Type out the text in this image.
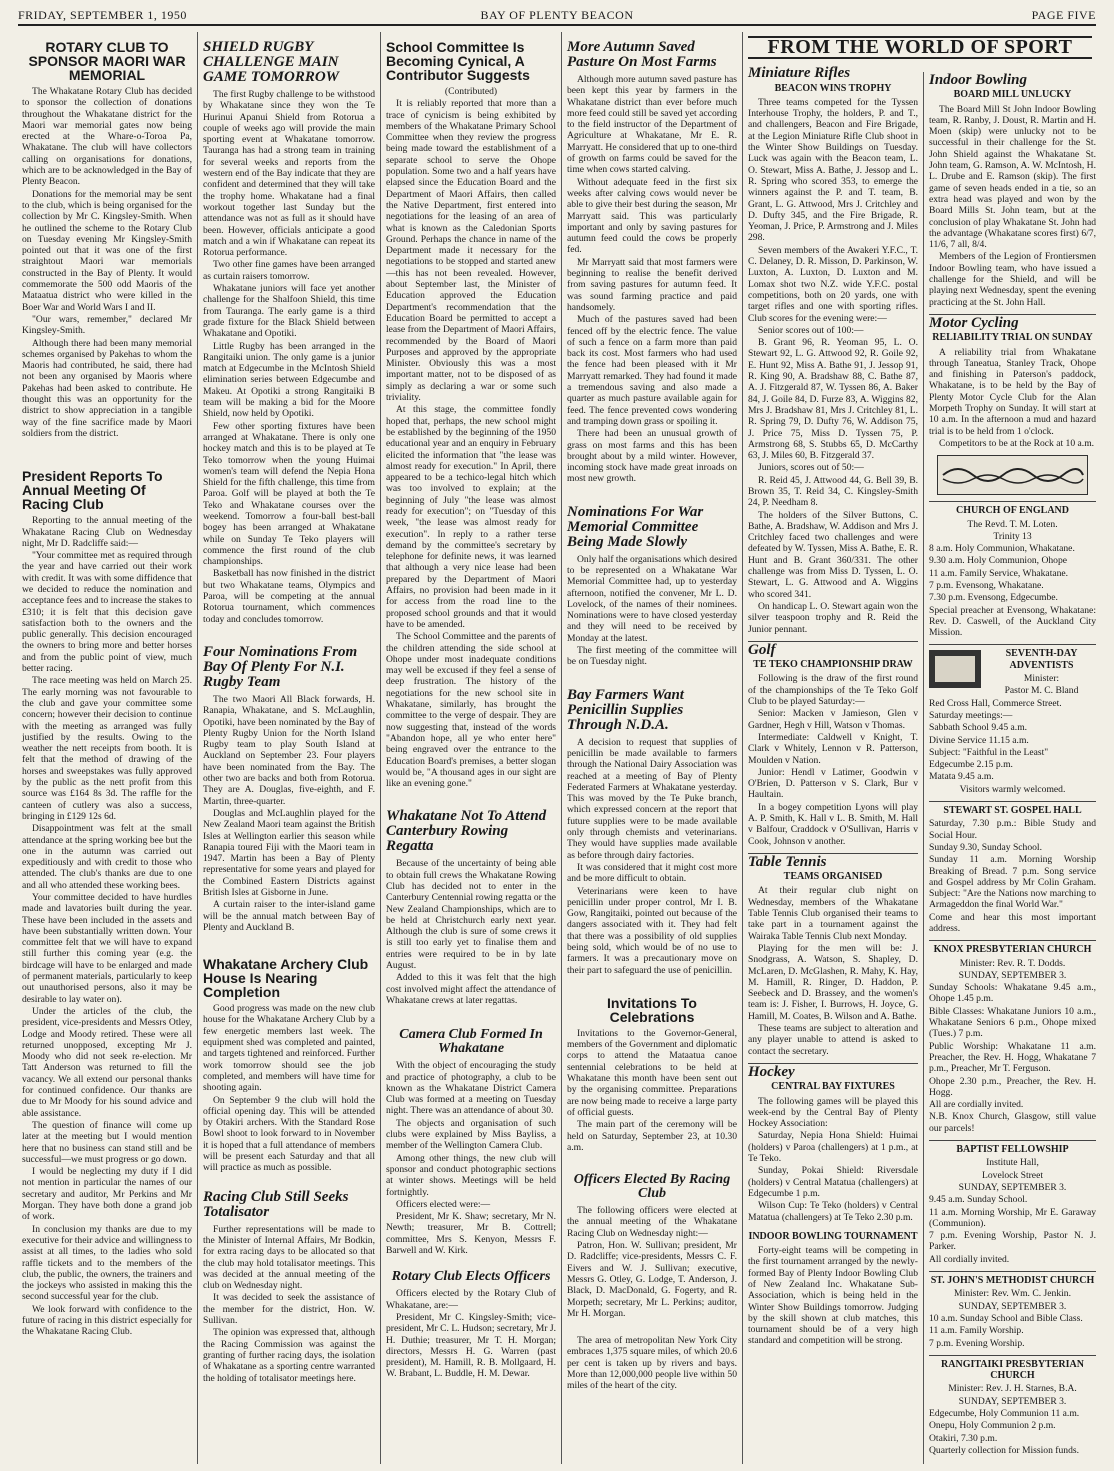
FRIDAY, SEPTEMBER 1, 1950	BAY OF PLENTY BEACON	PAGE FIVE
ROTARY CLUB TO SPONSOR MAORI WAR MEMORIAL

The Whakatane Rotary Club has decided to sponsor the collection of donations throughout the Whakatane district for the Maori war memorial gates now being erected at the Whare-o-Toroa Pa, Whakatane. The club will have collectors calling on organisations for donations, which are to be acknowledged in the Bay of Plenty Beacon.

Donations for the memorial may be sent to the club, which is being organised for the collection by Mr C. Kingsley-Smith. When he outlined the scheme to the Rotary Club on Tuesday evening Mr Kingsley-Smith pointed out that it was one of the first straightout Maori war memorials constructed in the Bay of Plenty. It would commemorate the 500 odd Maoris of the Mataatua district who were killed in the Boer War and World Wars I and II.

"Our wars, remember," declared Mr Kingsley-Smith.

Although there had been many memorial schemes organised by Pakehas to whom the Maoris had contributed, he said, there had not been any organised by Maoris where Pakehas had been asked to contribute. He thought this was an opportunity for the district to show appreciation in a tangible way of the fine sacrifice made by Maori soldiers from the district.

President Reports To Annual Meeting Of Racing Club

Reporting to the annual meeting of the Whakatane Racing Club on Wednesday night, Mr D. Radcliffe said:—

"Your committee met as required through the year and have carried out their work with credit. It was with some diffidence that we decided to reduce the nomination and acceptance fees and to increase the stakes to £310; it is felt that this decision gave satisfaction both to the owners and the public generally. This decision encouraged the owners to bring more and better horses and from the public point of view, much better racing.

The race meeting was held on March 25. The early morning was not favourable to the club and gave your committee some concern; however their decision to continue with the meeting as arranged was fully justified by the results. Owing to the weather the nett receipts from booth. It is felt that the method of drawing of the horses and sweepstakes was fully approved by the public as the nett profit from this source was £164 8s 3d. The raffle for the canteen of cutlery was also a success, bringing in £129 12s 6d.

Disappointment was felt at the small attendance at the spring working bee but the one in the autumn was carried out expeditiously and with credit to those who attended. The club's thanks are due to one and all who attended these working bees.

Your committee decided to have hurdles made and lavatories built during the year. These have been included in the assets and have been substantially written down. Your committee felt that we will have to expand still further this coming year (e.g. the birdcage will have to be enlarged and made of permanent materials, particularly to keep out unauthorised persons, also it may be desirable to lay water on).

Under the articles of the club, the president, vice-presidents and Messrs Otley, Lodge and Moody retired. These were all returned unopposed, excepting Mr J. Moody who did not seek re-election. Mr Tatt Anderson was returned to fill the vacancy. We all extend our personal thanks for continued confidence. Our thanks are due to Mr Moody for his sound advice and able assistance.

The question of finance will come up later at the meeting but I would mention here that no business can stand still and be successful—we must progress or go down.

I would be neglecting my duty if I did not mention in particular the names of our secretary and auditor, Mr Perkins and Mr Morgan. They have both done a grand job of work.

In conclusion my thanks are due to my executive for their advice and willingness to assist at all times, to the ladies who sold raffle tickets and to the members of the club, the public, the owners, the trainers and the jockeys who assisted in making this the second successful year for the club.

We look forward with confidence to the future of racing in this district especially for the Whakatane Racing Club.

SHIELD RUGBY CHALLENGE MAIN GAME TOMORROW

The first Rugby challenge to be withstood by Whakatane since they won the Te Hurinui Apanui Shield from Rotorua a couple of weeks ago will provide the main sporting event at Whakatane tomorrow. Tauranga has had a strong team in training for several weeks and reports from the western end of the Bay indicate that they are confident and determined that they will take the trophy home. Whakatane had a final workout together last Sunday but the attendance was not as full as it should have been. However, officials anticipate a good match and a win if Whakatane can repeat its Rotorua performance.

Two other fine games have been arranged as curtain raisers tomorrow.

Whakatane juniors will face yet another challenge for the Shalfoon Shield, this time from Tauranga. The early game is a third grade fixture for the Black Shield between Whakatane and Opotiki.

Little Rugby has been arranged in the Rangitaiki union. The only game is a junior match at Edgecumbe in the McIntosh Shield elimination series between Edgecumbe and Makeu. At Opotiki a strong Rangitaiki B team will be making a bid for the Moore Shield, now held by Opotiki.

Few other sporting fixtures have been arranged at Whakatane. There is only one hockey match and this is to be played at Te Teko tomorrow when the young Huimai women's team will defend the Nepia Hona Shield for the fifth challenge, this time from Paroa. Golf will be played at both the Te Teko and Whakatane courses over the weekend. Tomorrow a four-ball best-ball bogey has been arranged at Whakatane while on Sunday Te Teko players will commence the first round of the club championships.

Basketball has now finished in the district but two Whakatane teams, Olympics and Paroa, will be competing at the annual Rotorua tournament, which commences today and concludes tomorrow.

Four Nominations From Bay Of Plenty For N.I. Rugby Team

The two Maori All Black forwards, H. Ranapia, Whakatane, and S. McLaughlin, Opotiki, have been nominated by the Bay of Plenty Rugby Union for the North Island Rugby team to play South Island at Auckland on September 23. Four players have been nominated from the Bay. The other two are backs and both from Rotorua. They are A. Douglas, five-eighth, and F. Martin, three-quarter.

Douglas and McLaughlin played for the New Zealand Maori team against the British Isles at Wellington earlier this season while Ranapia toured Fiji with the Maori team in 1947. Martin has been a Bay of Plenty representative for some years and played for the Combined Eastern Districts against British Isles at Gisborne in June.

A curtain raiser to the inter-island game will be the annual match between Bay of Plenty and Auckland B.

Whakatane Archery Club House Is Nearing Completion

Good progress was made on the new club house for the Whakatane Archery Club by a few energetic members last week. The equipment shed was completed and painted, and targets tightened and reinforced. Further work tomorrow should see the job completed, and members will have time for shooting again.

On September 9 the club will hold the official opening day. This will be attended by Otakiri archers. With the Standard Rose Bowl shoot to look forward to in November it is hoped that a full attendance of members will be present each Saturday and that all will practice as much as possible.

Racing Club Still Seeks Totalisator

Further representations will be made to the Minister of Internal Affairs, Mr Bodkin, for extra racing days to be allocated so that the club may hold totalisator meetings. This was decided at the annual meeting of the club on Wednesday night.

It was decided to seek the assistance of the member for the district, Hon. W. Sullivan.

The opinion was expressed that, although the Racing Commission was against the granting of further racing days, the isolation of Whakatane as a sporting centre warranted the holding of totalisator meetings here.

School Committee Is Becoming Cynical, A Contributor Suggests

(Contributed)

It is reliably reported that more than a trace of cynicism is being exhibited by members of the Whakatane Primary School Committee when they review the progress being made toward the establishment of a separate school to serve the Ohope population. Some two and a half years have elapsed since the Education Board and the Department of Maori Affairs, then called the Native Department, first entered into negotiations for the leasing of an area of what is known as the Caledonian Sports Ground. Perhaps the chance in name of the Department made it necessary for the negotiations to be stopped and started anew—this has not been revealed. However, about September last, the Minister of Education approved the Education Department's recommendation that the Education Board be permitted to accept a lease from the Department of Maori Affairs, recommended by the Board of Maori Purposes and approved by the appropriate Minister. Obviously this was a most important matter, not to be disposed of as simply as declaring a war or some such triviality.

At this stage, the committee fondly hoped that, perhaps, the new school might be established by the beginning of the 1950 educational year and an enquiry in February elicited the information that "the lease was almost ready for execution." In April, there appeared to be a techico-legal hitch which was too involved to explain; at the beginning of July "the lease was almost ready for execution"; on "Tuesday of this week, "the lease was almost ready for execution". In reply to a rather terse demand by the committee's secretary by telephone for definite news, it was learned that although a very nice lease had been prepared by the Department of Maori Affairs, no provision had been made in it for access from the road line to the proposed school grounds and that it would have to be amended.

The School Committee and the parents of the children attending the side school at Ohope under most inadequate conditions may well be excused if they feel a sense of deep frustration. The history of the negotiations for the new school site in Whakatane, similarly, has brought the committee to the verge of despair. They are now suggesting that, instead of the words "Abandon hope, all ye who enter here" being engraved over the entrance to the Education Board's premises, a better slogan would be, "A thousand ages in our sight are like an evening gone."

Whakatane Not To Attend Canterbury Rowing Regatta

Because of the uncertainty of being able to obtain full crews the Whakatane Rowing Club has decided not to enter in the Canterbury Centennial rowing regatta or the New Zealand Championships, which are to be held at Christchurch early next year. Although the club is sure of some crews it is still too early yet to finalise them and entries were required to be in by late August.

Added to this it was felt that the high cost involved might affect the attendance of Whakatane crews at later regattas.

Camera Club Formed In Whakatane

With the object of encouraging the study and practice of photography, a club to be known as the Whakatane District Camera Club was formed at a meeting on Tuesday night. There was an attendance of about 30.

The objects and organisation of such clubs were explained by Miss Bayliss, a member of the Wellington Camera Club.

Among other things, the new club will sponsor and conduct photographic sections at winter shows. Meetings will be held fortnightly.

Officers elected were:—

President, Mr K. Shaw; secretary, Mr N. Newth; treasurer, Mr B. Cottrell; committee, Mrs S. Kenyon, Messrs F. Barwell and W. Kirk.

Rotary Club Elects Officers

Officers elected by the Rotary Club of Whakatane, are:—

President, Mr C. Kingsley-Smith; vice-president, Mr C. L. Hudson; secretary, Mr J. H. Duthie; treasurer, Mr T. H. Morgan; directors, Messrs H. G. Warren (past president), M. Hamill, R. B. Mollgaard, H. W. Brabant, L. Buddle, H. M. Dewar.

More Autumn Saved Pasture On Most Farms

Although more autumn saved pasture has been kept this year by farmers in the Whakatane district than ever before much more feed could still be saved yet according to the field instructor of the Department of Agriculture at Whakatane, Mr E. R. Marryatt. He considered that up to one-third of growth on farms could be saved for the time when cows started calving.

Without adequate feed in the first six weeks after calving cows would never be able to give their best during the season, Mr Marryatt said. This was particularly important and only by saving pastures for autumn feed could the cows be properly fed.

Mr Marryatt said that most farmers were beginning to realise the benefit derived from saving pastures for autumn feed. It was sound farming practice and paid handsomely.

Much of the pastures saved had been fenced off by the electric fence. The value of such a fence on a farm more than paid back its cost. Most farmers who had used the fence had been pleased with it Mr Marryatt remarked. They had found it made a tremendous saving and also made a quarter as much pasture available again for feed. The fence prevented cows wondering and tramping down grass or spoiling it.

There had been an unusual growth of grass on most farms and this has been brought about by a mild winter. However, incoming stock have made great inroads on most new growth.

Nominations For War Memorial Committee Being Made Slowly

Only half the organisations which desired to be represented on a Whakatane War Memorial Committee had, up to yesterday afternoon, notified the convener, Mr L. D. Lovelock, of the names of their nominees. Nominations were to have closed yesterday and they will need to be received by Monday at the latest.

The first meeting of the committee will be on Tuesday night.

Bay Farmers Want Penicillin Supplies Through N.D.A.

A decision to request that supplies of penicillin be made available to farmers through the National Dairy Association was reached at a meeting of Bay of Plenty Federated Farmers at Whakatane yesterday. This was moved by the Te Puke branch, which expressed concern at the report that future supplies were to be made available only through chemists and veterinarians. They would have supplies made available as before through dairy factories.

It was considered that it might cost more and be more difficult to obtain.

Veterinarians were keen to have penicillin under proper control, Mr I. B. Gow, Rangitaiki, pointed out because of the dangers associated with it. They had felt that there was a possibility of old supplies being sold, which would be of no use to farmers. It was a precautionary move on their part to safeguard the use of penicillin.

Invitations To Celebrations

Invitations to the Governor-General, members of the Government and diplomatic corps to attend the Mataatua canoe sentennial celebrations to be held at Whakatane this month have been sent out by the organising committee. Preparations are now being made to receive a large party of official guests.

The main part of the ceremony will be held on Saturday, September 23, at 10.30 a.m.

Officers Elected By Racing Club

The following officers were elected at the annual meeting of the Whakatane Racing Club on Wednesday night:—

Patron, Hon. W. Sullivan; president, Mr D. Radcliffe; vice-presidents, Messrs C. F. Eivers and W. J. Sullivan; executive, Messrs G. Otley, G. Lodge, T. Anderson, J. Black, D. MacDonald, G. Fogerty, and R. Morpeth; secretary, Mr L. Perkins; auditor, Mr H. Morgan.

The area of metropolitan New York City embraces 1,375 square miles, of which 20.6 per cent is taken up by rivers and bays. More than 12,000,000 people live within 50 miles of the heart of the city.

FROM THE WORLD OF SPORT
Miniature Rifles
BEACON WINS TROPHY

Three teams competed for the Tyssen Interhouse Trophy, the holders, P. and T., and challengers, Beacon and Fire Brigade, at the Legion Miniature Rifle Club shoot in the Winter Show Buildings on Tuesday. Luck was again with the Beacon team, L. O. Stewart, Miss A. Bathe, J. Jessop and L. R. Spring who scored 353, to emerge the winners against the P. and T. team, B. Grant, L. G. Attwood, Mrs J. Critchley and D. Dufty 345, and the Fire Brigade, R. Yeoman, J. Price, P. Armstrong and J. Miles 298.

Seven members of the Awakeri Y.F.C., T. C. Delaney, D. R. Misson, D. Parkinson, W. Luxton, A. Luxton, D. Luxton and M. Lomax shot two N.Z. wide Y.F.C. postal competitions, both on 20 yards, one with target rifles and one with sporting rifles. Club scores for the evening were:—

Senior scores out of 100:—

B. Grant 96, R. Yeoman 95, L. O. Stewart 92, L. G. Attwood 92, R. Goile 92, E. Hunt 92, Miss A. Bathe 91, J. Jessop 91, R. King 90, A. Bradshaw 88, C. Bathe 87, A. J. Fitzgerald 87, W. Tyssen 86, A. Baker 84, J. Goile 84, D. Furze 83, A. Wiggins 82, Mrs J. Bradshaw 81, Mrs J. Critchley 81, L. R. Spring 79, D. Dufty 76, W. Addison 75, J. Price 75, Miss D. Tyssen 75, P. Armstrong 68, S. Stubbs 65, D. McCarthy 63, J. Miles 60, B. Fitzgerald 37.

Juniors, scores out of 50:—

R. Reid 45, J. Attwood 44, G. Bell 39, B. Brown 35, T. Reid 34, C. Kingsley-Smith 24, P. Needham 8.

The holders of the Silver Buttons, C. Bathe, A. Bradshaw, W. Addison and Mrs J. Critchley faced two challenges and were defeated by W. Tyssen, Miss A. Bathe, E. R. Hunt and B. Grant 360/331. The other challenge was from Miss D. Tyssen, L. O. Stewart, L. G. Attwood and A. Wiggins who scored 341.

On handicap L. O. Stewart again won the silver teaspoon trophy and R. Reid the Junior pennant.

Golf
TE TEKO CHAMPIONSHIP DRAW

Following is the draw of the first round of the championships of the Te Teko Golf Club to be played Saturday:—

Senior: Macken v Jamieson, Glen v Gardner, Hegh v Hill, Watson v Thomas.

Intermediate: Caldwell v Knight, T. Clark v Whitely, Lennon v R. Patterson, Moulden v Nation.

Junior: Hendl v Latimer, Goodwin v O'Brien, D. Patterson v S. Clark, Bur v Haultain.

In a bogey competition Lyons will play A. P. Smith, K. Hall v L. B. Smith, M. Hall v Balfour, Craddock v O'Sullivan, Harris v Cook, Johnson v another.

Table Tennis
TEAMS ORGANISED

At their regular club night on Wednesday, members of the Whakatane Table Tennis Club organised their teams to take part in a tournament against the Wairaka Table Tennis Club next Monday.

Playing for the men will be: J. Snodgrass, A. Watson, S. Shapley, D. McLaren, D. McGlashen, R. Mahy, K. Hay, M. Hamill, R. Ringer, D. Haddon, P. Seebeck and D. Brassey, and the women's team is: J. Fisher, I. Burrows, H. Joyce, G. Hamill, M. Coates, B. Wilson and A. Bathe.

These teams are subject to alteration and any player unable to attend is asked to contact the secretary.

Hockey
CENTRAL BAY FIXTURES

The following games will be played this week-end by the Central Bay of Plenty Hockey Association:

Saturday, Nepia Hona Shield: Huimai (holders) v Paroa (challengers) at 1 p.m., at Te Teko.

Sunday, Pokai Shield: Riversdale (holders) v Central Matatua (challengers) at Edgecumbe 1 p.m.

Wilson Cup: Te Teko (holders) v Central Matatua (challengers) at Te Teko 2.30 p.m.

INDOOR BOWLING TOURNAMENT

Forty-eight teams will be competing in the first tournament arranged by the newly-formed Bay of Plenty Indoor Bowling Club of New Zealand Inc. Whakatane Sub-Association, which is being held in the Winter Show Buildings tomorrow. Judging by the skill shown at club matches, this tournament should be of a very high standard and competition will be strong.

Indoor Bowling
BOARD MILL UNLUCKY

The Board Mill St John Indoor Bowling team, R. Ranby, J. Doust, R. Martin and H. Moen (skip) were unlucky not to be successful in their challenge for the St. John Shield against the Whakatane St. John team, G. Ramson, A. W. McIntosh, H. L. Drube and E. Ramson (skip). The first game of seven heads ended in a tie, so an extra head was played and won by the Board Mills St. John team, but at the conclusion of play Whakatane St. John had the advantage (Whakatane scores first) 6/7, 11/6, 7 all, 8/4.

Members of the Legion of Frontiersmen Indoor Bowling team, who have issued a challenge for the Shield, and will be playing next Wednesday, spent the evening practicing at the St. John Hall.

Motor Cycling
RELIABILITY TRIAL ON SUNDAY

A reliability trial from Whakatane through Taneatua, Stanley Track, Ohope and finishing in Paterson's paddock, Whakatane, is to be held by the Bay of Plenty Motor Cycle Club for the Alan Morpeth Trophy on Sunday. It will start at 10 a.m. In the afternoon a mud and hazard trial is to be held from 1 o'clock.

Competitors to be at the Rock at 10 a.m.

CHURCH OF ENGLAND

The Revd. T. M. Loten.

Trinity 13

8 a.m. Holy Communion, Whakatane.

9.30 a.m. Holy Communion, Ohope

11 a.m. Family Service, Whakatane.

7 p.m. Evensong, Whakatane.

7.30 p.m. Evensong, Edgecumbe.

Special preacher at Evensong, Whakatane: Rev. D. Caswell, of the Auckland City Mission.

SEVENTH-DAY ADVENTISTS

Minister:

Pastor M. C. Bland

Red Cross Hall, Commerce Street.

Saturday meetings:—

Sabbath School 9.45 a.m.

Divine Service 11.15 a.m.

Subject: "Faithful in the Least"

Edgecumbe 2.15 p.m.

Matata 9.45 a.m.

Visitors warmly welcomed.

STEWART ST. GOSPEL HALL

Saturday, 7.30 p.m.: Bible Study and Social Hour.

Sunday 9.30, Sunday School.

Sunday 11 a.m. Morning Worship Breaking of Bread. 7 p.m. Song service and Gospel address by Mr Colin Graham. Subject: "Are the Nations now marching to Armageddon the final World War."

Come and hear this most important address.

KNOX PRESBYTERIAN CHURCH

Minister: Rev. R. T. Dodds.

SUNDAY, SEPTEMBER 3.

Sunday Schools: Whakatane 9.45 a.m., Ohope 1.45 p.m.

Bible Classes: Whakatane Juniors 10 a.m., Whakatane Seniors 6 p.m., Ohope mixed (Tues.) 7 p.m.

Public Worship: Whakatane 11 a.m. Preacher, the Rev. H. Hogg, Whakatane 7 p.m., Preacher, Mr T. Ferguson.

Ohope 2.30 p.m., Preacher, the Rev. H. Hogg.

All are cordially invited.

N.B. Knox Church, Glasgow, still value our parcels!

BAPTIST FELLOWSHIP

Institute Hall,

Lovelock Street

SUNDAY, SEPTEMBER 3.

9.45 a.m. Sunday School.

11 a.m. Morning Worship, Mr E. Garaway (Communion).

7 p.m. Evening Worship, Pastor N. J. Parker.

All cordially invited.

ST. JOHN'S METHODIST CHURCH

Minister: Rev. Wm. C. Jenkin.

SUNDAY, SEPTEMBER 3.

10 a.m. Sunday School and Bible Class.

11 a.m. Family Worship.

7 p.m. Evening Worship.

RANGITAIKI PRESBYTERIAN CHURCH

Minister: Rev. J. H. Starnes, B.A.

SUNDAY, SEPTEMBER 3.

Edgecumbe, Holy Communion 11 a.m.

Onepu, Holy Communion 2 p.m.

Otakiri, 7.30 p.m.

Quarterly collection for Mission funds.
